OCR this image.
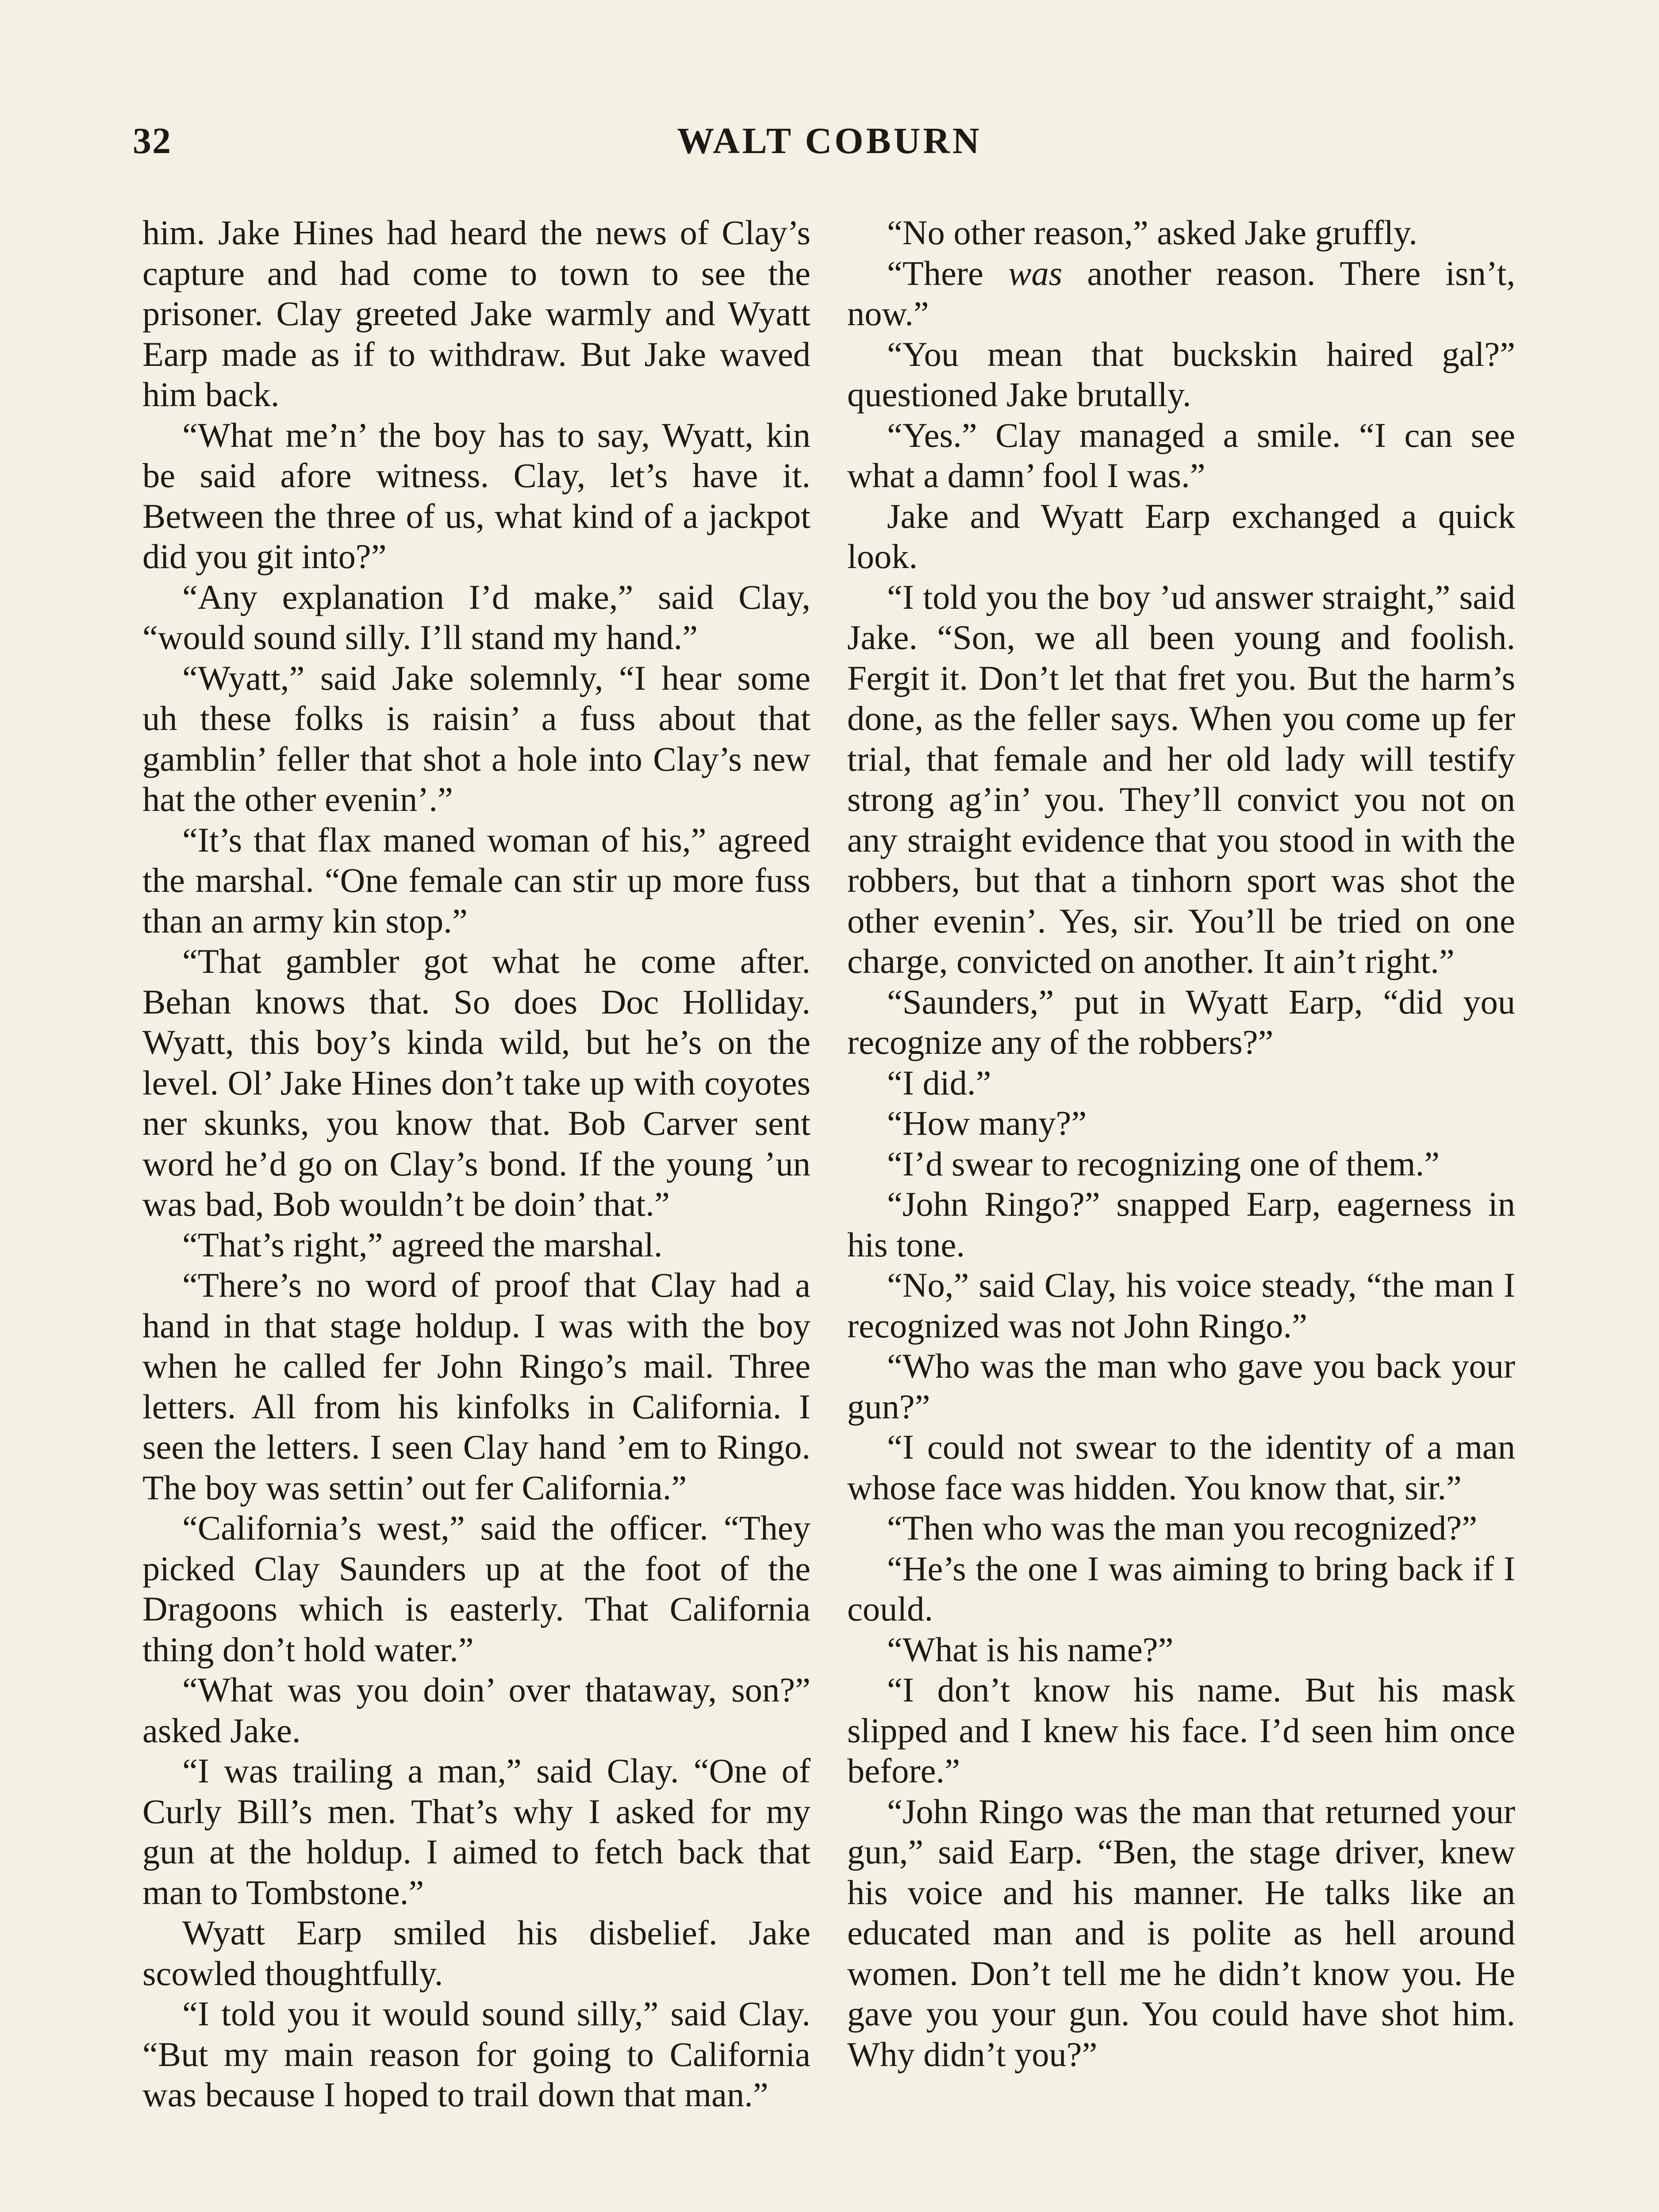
32	WALT COBURN

him. Jake Hines had heard the news of Clay’s capture and had come to town to see the prisoner. Clay greeted Jake warmly and Wyatt Earp made as if to withdraw. But Jake waved him back.

“What me’n’ the boy has to say, Wyatt, kin be said afore witness. Clay, let’s have it. Between the three of us, what kind of a jackpot did you git into?”

“Any explanation I’d make,” said Clay, “would sound silly. I’ll stand my hand.”

“Wyatt,” said Jake solemnly, “I hear some uh these folks is raisin’ a fuss about that gamblin’ feller that shot a hole into Clay’s new hat the other evenin’.”

“It’s that flax maned woman of his,” agreed the marshal. “One female can stir up more fuss than an army kin stop.”

“That gambler got what he come after. Behan knows that. So does Doc Holliday. Wyatt, this boy’s kinda wild, but he’s on the level. Ol’ Jake Hines don’t take up with coyotes ner skunks, you know that. Bob Carver sent word he’d go on Clay’s bond. If the young ’un was bad, Bob wouldn’t be doin’ that.”

“That’s right,” agreed the marshal.

“There’s no word of proof that Clay had a hand in that stage holdup. I was with the boy when he called fer John Ringo’s mail. Three letters. All from his kinfolks in California. I seen the letters. I seen Clay hand ’em to Ringo. The boy was settin’ out fer California.”

“California’s west,” said the officer. “They picked Clay Saunders up at the foot of the Dragoons which is easterly. That California thing don’t hold water.”

“What was you doin’ over thataway, son?” asked Jake.

“I was trailing a man,” said Clay. “One of Curly Bill’s men. That’s why I asked for my gun at the holdup. I aimed to fetch back that man to Tombstone.”

Wyatt Earp smiled his disbelief. Jake scowled thoughtfully.

“I told you it would sound silly,” said Clay. “But my main reason for going to California was because I hoped to trail down that man.”

“No other reason,” asked Jake gruffly.

“There was another reason. There isn’t, now.”

“You mean that buckskin haired gal?” questioned Jake brutally.

“Yes.” Clay managed a smile. “I can see what a damn’ fool I was.”

Jake and Wyatt Earp exchanged a quick look.

“I told you the boy ’ud answer straight,” said Jake. “Son, we all been young and foolish. Fergit it. Don’t let that fret you. But the harm’s done, as the feller says. When you come up fer trial, that female and her old lady will testify strong ag’in’ you. They’ll convict you not on any straight evidence that you stood in with the robbers, but that a tinhorn sport was shot the other evenin’. Yes, sir. You’ll be tried on one charge, convicted on another. It ain’t right.”

“Saunders,” put in Wyatt Earp, “did you recognize any of the robbers?”

“I did.”

“How many?”

“I’d swear to recognizing one of them.”

“John Ringo?” snapped Earp, eagerness in his tone.

“No,” said Clay, his voice steady, “the man I recognized was not John Ringo.”

“Who was the man who gave you back your gun?”

“I could not swear to the identity of a man whose face was hidden. You know that, sir.”

“Then who was the man you recognized?”

“He’s the one I was aiming to bring back if I could.

“What is his name?”

“I don’t know his name. But his mask slipped and I knew his face. I’d seen him once before.”

“John Ringo was the man that returned your gun,” said Earp. “Ben, the stage driver, knew his voice and his manner. He talks like an educated man and is polite as hell around women. Don’t tell me he didn’t know you. He gave you your gun. You could have shot him. Why didn’t you?”
